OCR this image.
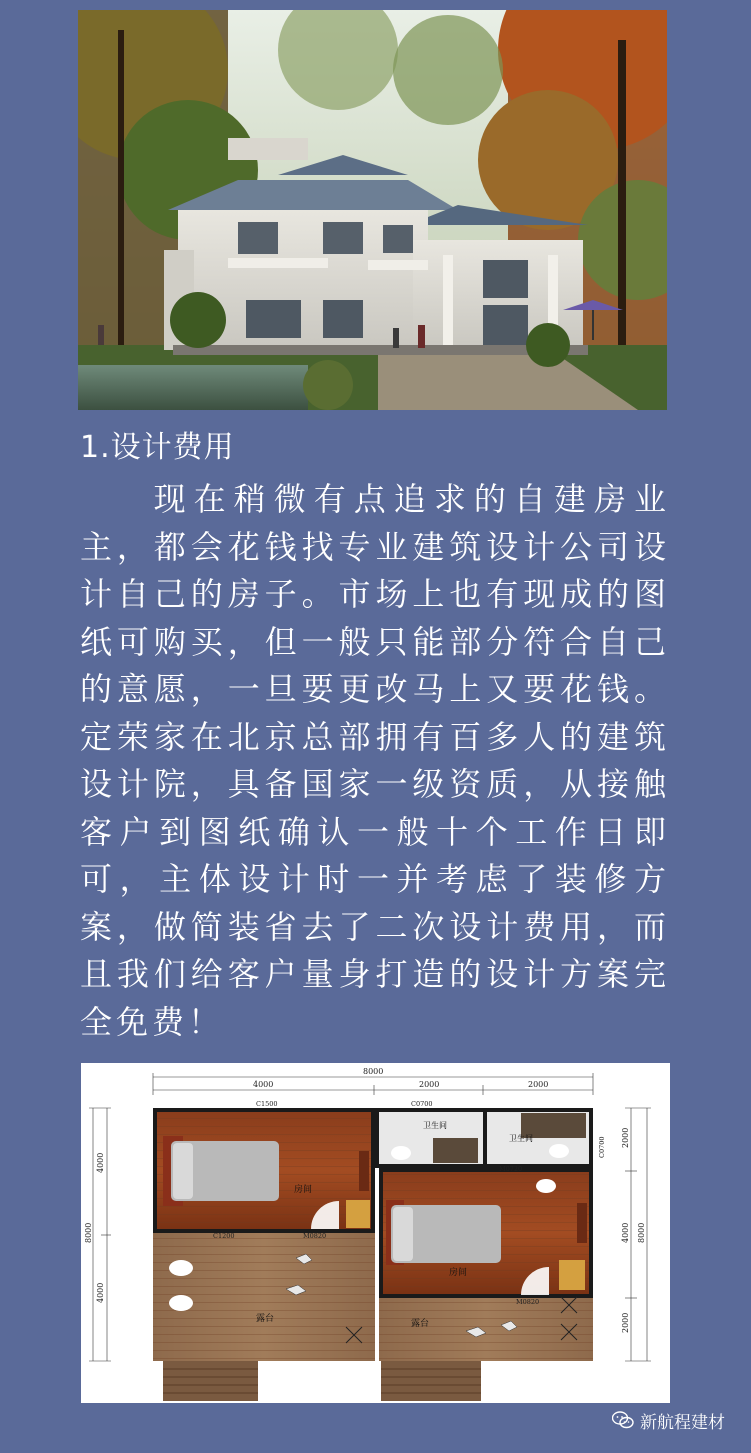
1.设计费用

现在稍微有点追求的自建房业主，都会花钱找专业建筑设计公司设计自己的房子。市场上也有现成的图纸可购买，但一般只能部分符合自己的意愿，一旦要更改马上又要花钱。定荣家在北京总部拥有百多人的建筑设计院，具备国家一级资质，从接触客户到图纸确认一般十个工作日即可，主体设计时一并考虑了装修方案，做简装省去了二次设计费用，而且我们给客户量身打造的设计方案完全免费！

8000
4000	2000	2000
4000
8000
4000
2000
4000
2000
8000
C1500	C0700
C1200	M0820
M0820
M0720
C0700
卫生间
卫生间
房间
房间
露台	露台
新航程建材
